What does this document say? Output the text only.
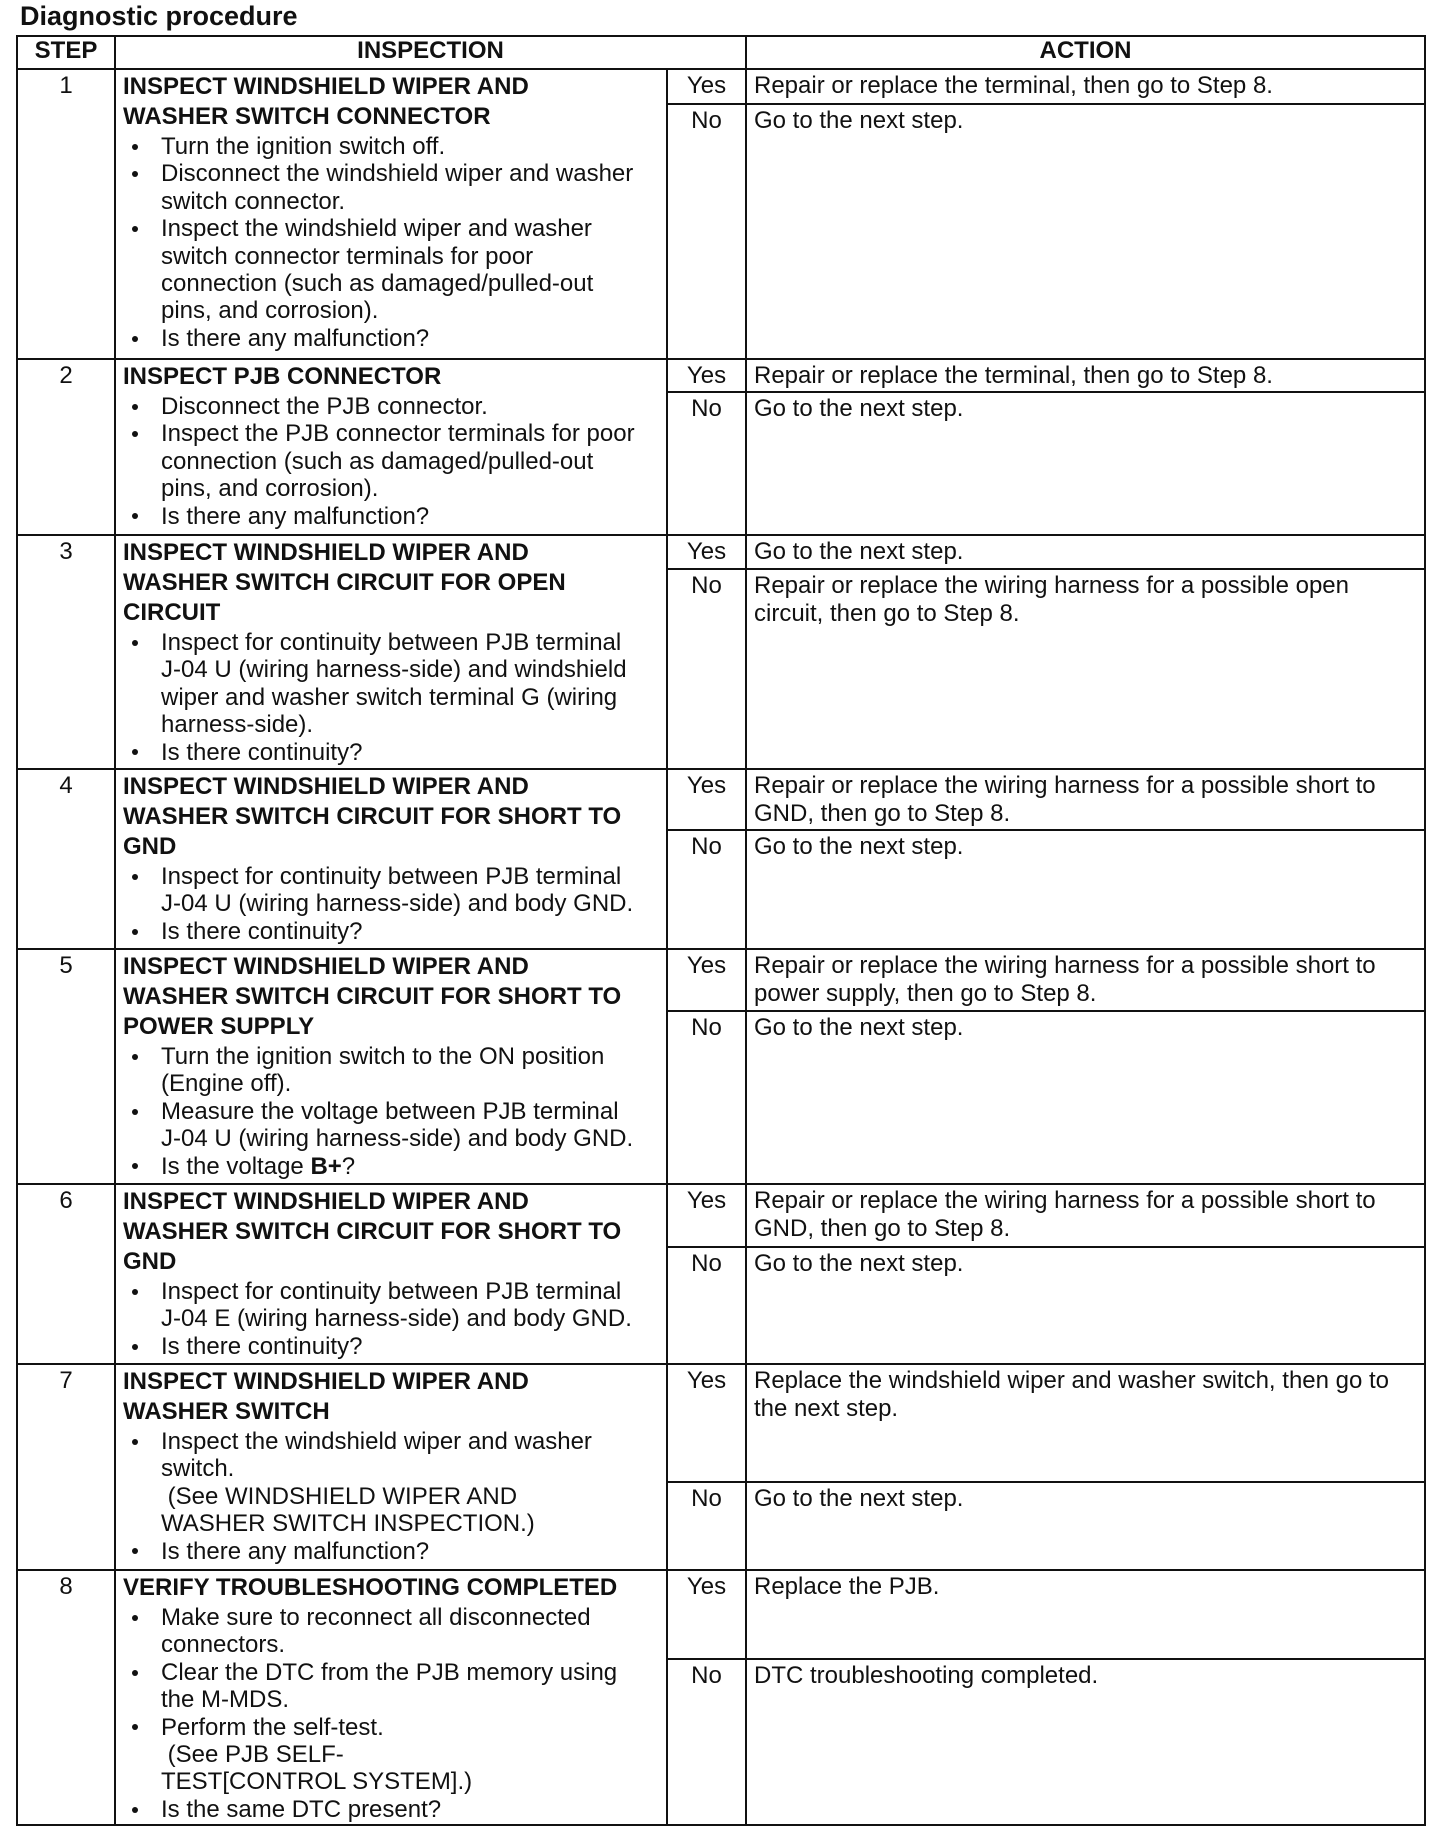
Diagnostic procedure
STEP	INSPECTION	ACTION
1	INSPECT WINDSHIELD WIPER AND
WASHER SWITCH CONNECTOR
Turn the ignition switch off.
Disconnect the windshield wiper and washer
switch connector.
Inspect the windshield wiper and washer
switch connector terminals for poor
connection (such as damaged/pulled-out
pins, and corrosion).
Is there any malfunction?
Yes	Repair or replace the terminal, then go to Step 8.
No	Go to the next step.
2	INSPECT PJB CONNECTOR
Disconnect the PJB connector.
Inspect the PJB connector terminals for poor
connection (such as damaged/pulled-out
pins, and corrosion).
Is there any malfunction?
Yes	Repair or replace the terminal, then go to Step 8.
No	Go to the next step.
3	INSPECT WINDSHIELD WIPER AND
WASHER SWITCH CIRCUIT FOR OPEN
CIRCUIT
Inspect for continuity between PJB terminal
J-04 U (wiring harness-side) and windshield
wiper and washer switch terminal G (wiring
harness-side).
Is there continuity?
Yes	Go to the next step.
No	Repair or replace the wiring harness for a possible open
circuit, then go to Step 8.
4	INSPECT WINDSHIELD WIPER AND
WASHER SWITCH CIRCUIT FOR SHORT TO
GND
Inspect for continuity between PJB terminal
J-04 U (wiring harness-side) and body GND.
Is there continuity?
Yes	Repair or replace the wiring harness for a possible short to
GND, then go to Step 8.
No	Go to the next step.
5	INSPECT WINDSHIELD WIPER AND
WASHER SWITCH CIRCUIT FOR SHORT TO
POWER SUPPLY
Turn the ignition switch to the ON position
(Engine off).
Measure the voltage between PJB terminal
J-04 U (wiring harness-side) and body GND.
Is the voltage B+?
Yes	Repair or replace the wiring harness for a possible short to
power supply, then go to Step 8.
No	Go to the next step.
6	INSPECT WINDSHIELD WIPER AND
WASHER SWITCH CIRCUIT FOR SHORT TO
GND
Inspect for continuity between PJB terminal
J-04 E (wiring harness-side) and body GND.
Is there continuity?
Yes	Repair or replace the wiring harness for a possible short to
GND, then go to Step 8.
No	Go to the next step.
7	INSPECT WINDSHIELD WIPER AND
WASHER SWITCH
Inspect the windshield wiper and washer
switch.
(See WINDSHIELD WIPER AND
WASHER SWITCH INSPECTION.)
Is there any malfunction?
Yes	Replace the windshield wiper and washer switch, then go to
the next step.
No	Go to the next step.
8	VERIFY TROUBLESHOOTING COMPLETED
Make sure to reconnect all disconnected
connectors.
Clear the DTC from the PJB memory using
the M-MDS.
Perform the self-test.
(See PJB SELF-
TEST[CONTROL SYSTEM].)
Is the same DTC present?
Yes	Replace the PJB.
No	DTC troubleshooting completed.
